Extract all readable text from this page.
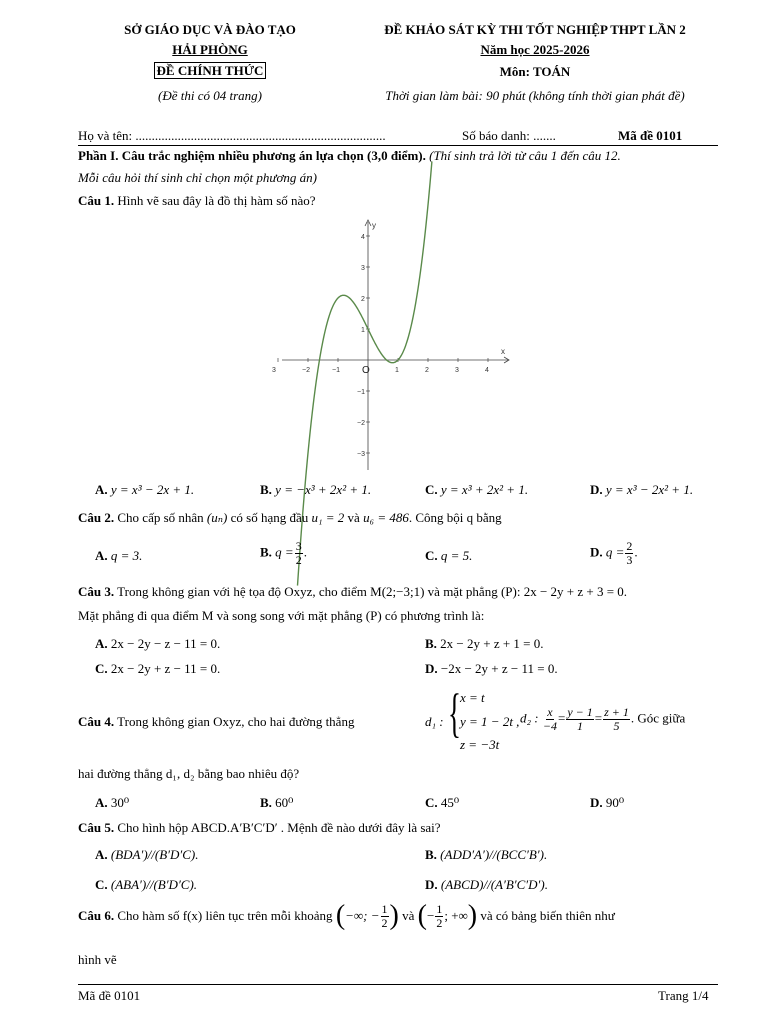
SỞ GIÁO DỤC VÀ ĐÀO TẠO
HẢI PHÒNG
ĐỀ CHÍNH THỨC
(Đề thi có 04 trang)
ĐỀ KHẢO SÁT KỲ THI TỐT NGHIỆP THPT LẦN 2
Năm học 2025-2026
Môn: TOÁN
Thời gian làm bài: 90 phút (không tính thời gian phát đề)
Họ và tên: .............................................................................	Số báo danh: .......	Mã đề 0101
Phần I. Câu trắc nghiệm nhiều phương án lựa chọn (3,0 điểm). (Thí sinh trả lời từ câu 1 đến câu 12.
Mỗi câu hỏi thí sinh chỉ chọn một phương án)
Câu 1. Hình vẽ sau đây là đồ thị hàm số nào?
3	−2	−1	1	2	3	4
4
3
2
1
−1
−2
−3
O
x
y
A. y = x³ − 2x + 1.	B. y = −x³ + 2x² + 1.	C. y = x³ + 2x² + 1.	D. y = x³ − 2x² + 1.
Câu 2. Cho cấp số nhân (uₙ) có số hạng đầu u₁ = 2 và u₆ = 486. Công bội q bằng
A. q = 3.	B. $q = \frac{3}{2}$ .	C. q = 5.	D. $q = \frac{2}{3}$ .
Câu 3. Trong không gian với hệ tọa độ Oxyz, cho điểm M(2;−3;1) và mặt phẳng (P): 2x − 2y + z + 3 = 0.
Mặt phẳng đi qua điểm M và song song với mặt phẳng (P) có phương trình là:
A. 2x − 2y − z − 11 = 0.	B. 2x − 2y + z + 1 = 0.
C. 2x − 2y + z − 11 = 0.	D. −2x − 2y + z − 11 = 0.
Câu 4. Trong không gian Oxyz, cho hai đường thẳng	d₁ : { x = t
y = 1 − 2t ,
z = −3t
d₂ : $\frac{x}{-4} = \frac{y - 1}{1} = \frac{z + 1}{5}$ . Góc giữa
hai đường thẳng d₁, d₂ bằng bao nhiêu độ?
A. 30⁰	B. 60⁰	C. 45⁰	D. 90⁰
Câu 5. Cho hình hộp ABCD.A′B′C′D′ . Mệnh đề nào dưới đây là sai?
A. (BDA′)//(B′D′C).	B. (ADD′A′)//(BCC′B′).
C. (ABA′)//(B′D′C).	D. (ABCD)//(A′B′C′D′).
Câu 6.
Cho hàm số f(x) liên tục trên mỗi khoảng
( −∞; − $\frac{1}{2}$ )
và
( − $\frac{1}{2}$ ; +∞ )
và có bảng biến thiên như
hình vẽ
Mã đề 0101	Trang 1/4
